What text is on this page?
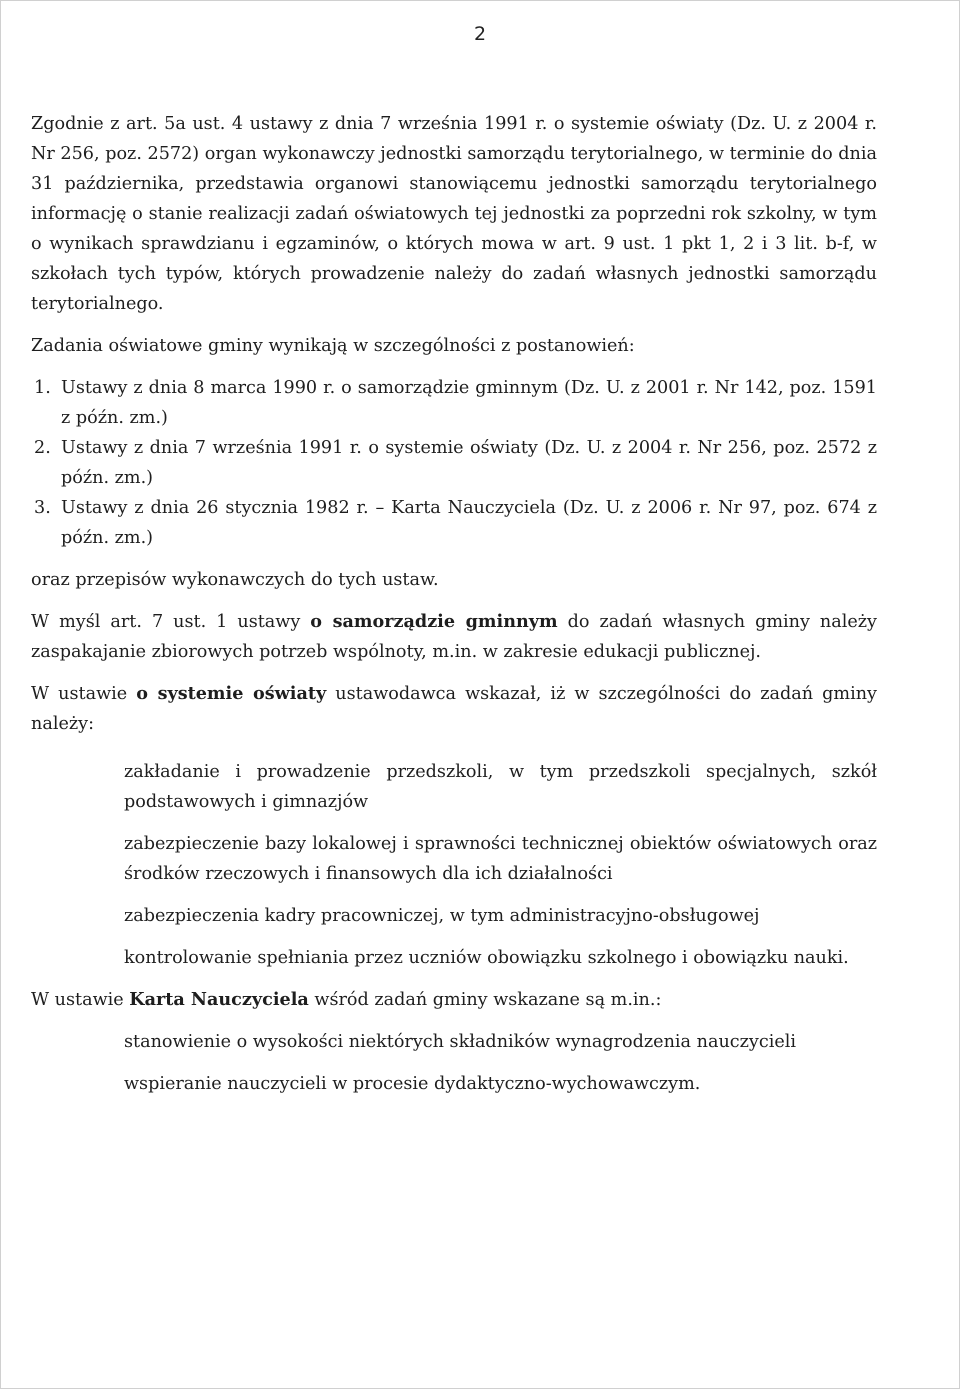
2

Zgodnie z art. 5a ust. 4 ustawy z dnia 7 września 1991 r. o systemie oświaty (Dz. U. z 2004 r. Nr 256, poz. 2572) organ wykonawczy jednostki samorządu terytorialnego, w terminie do dnia 31 października, przedstawia organowi stanowiącemu jednostki samorządu terytorialnego informację o stanie realizacji zadań oświatowych tej jednostki za poprzedni rok szkolny, w tym o wynikach sprawdzianu i egzaminów, o których mowa w art. 9 ust. 1 pkt 1, 2 i 3 lit. b-f, w szkołach tych typów, których prowadzenie należy do zadań własnych jednostki samorządu terytorialnego.

Zadania oświatowe gminy wynikają w szczególności z postanowień:

1. Ustawy z dnia 8 marca 1990 r. o samorządzie gminnym (Dz. U. z 2001 r. Nr 142, poz. 1591 z późn. zm.)
2. Ustawy z dnia 7 września 1991 r. o systemie oświaty (Dz. U. z 2004 r. Nr 256, poz. 2572 z późn. zm.)
3. Ustawy z dnia 26 stycznia 1982 r. – Karta Nauczyciela (Dz. U. z 2006 r. Nr 97, poz. 674 z późn. zm.)

oraz przepisów wykonawczych do tych ustaw.

W myśl art. 7 ust. 1 ustawy o samorządzie gminnym do zadań własnych gminy należy zaspakajanie zbiorowych potrzeb wspólnoty, m.in. w zakresie edukacji publicznej.

W ustawie o systemie oświaty ustawodawca wskazał, iż w szczególności do zadań gminy należy:

zakładanie i prowadzenie przedszkoli, w tym przedszkoli specjalnych, szkół podstawowych i gimnazjów
zabezpieczenie bazy lokalowej i sprawności technicznej obiektów oświatowych oraz środków rzeczowych i finansowych dla ich działalności
zabezpieczenia kadry pracowniczej, w tym administracyjno-obsługowej
kontrolowanie spełniania przez uczniów obowiązku szkolnego i obowiązku nauki.

W ustawie Karta Nauczyciela wśród zadań gminy wskazane są m.in.:

stanowienie o wysokości niektórych składników wynagrodzenia nauczycieli
wspieranie nauczycieli w procesie dydaktyczno-wychowawczym.
